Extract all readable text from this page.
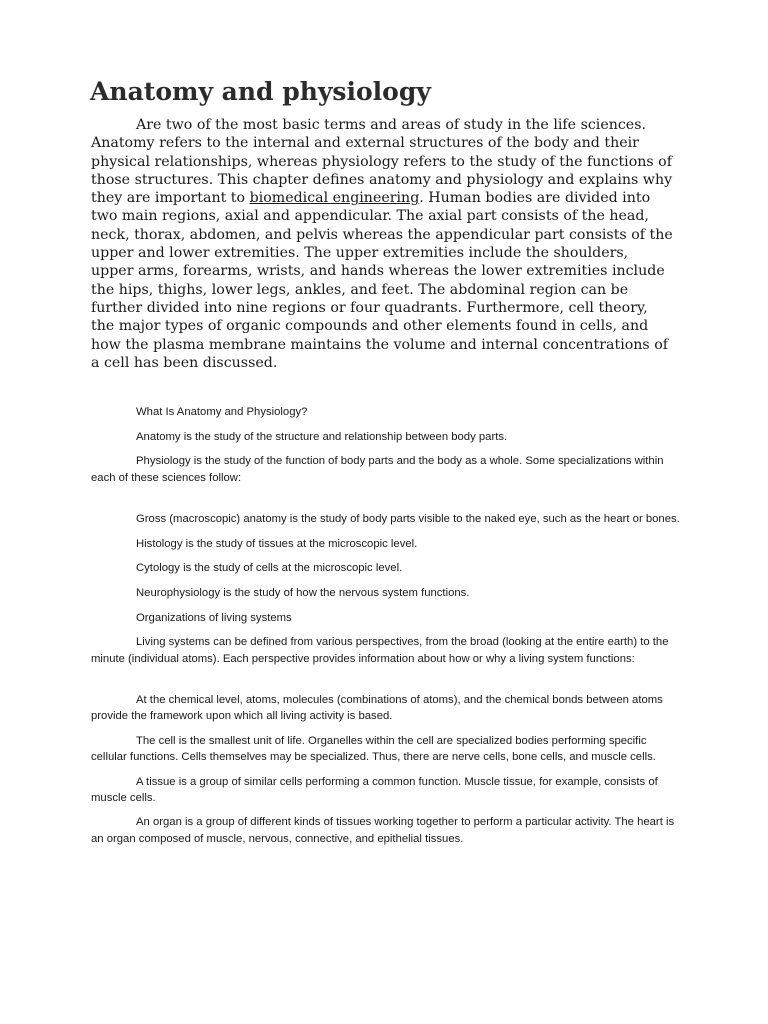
Anatomy and physiology

Are two of the most basic terms and areas of study in the life sciences. Anatomy refers to the internal and external structures of the body and their physical relationships, whereas physiology refers to the study of the functions of those structures. This chapter defines anatomy and physiology and explains why they are important to biomedical engineering. Human bodies are divided into two main regions, axial and appendicular. The axial part consists of the head, neck, thorax, abdomen, and pelvis whereas the appendicular part consists of the upper and lower extremities. The upper extremities include the shoulders, upper arms, forearms, wrists, and hands whereas the lower extremities include the hips, thighs, lower legs, ankles, and feet. The abdominal region can be further divided into nine regions or four quadrants. Furthermore, cell theory, the major types of organic compounds and other elements found in cells, and how the plasma membrane maintains the volume and internal concentrations of a cell has been discussed.

What Is Anatomy and Physiology?

Anatomy is the study of the structure and relationship between body parts.

Physiology is the study of the function of body parts and the body as a whole. Some specializations within each of these sciences follow:

Gross (macroscopic) anatomy is the study of body parts visible to the naked eye, such as the heart or bones.

Histology is the study of tissues at the microscopic level.

Cytology is the study of cells at the microscopic level.

Neurophysiology is the study of how the nervous system functions.

Organizations of living systems

Living systems can be defined from various perspectives, from the broad (looking at the entire earth) to the minute (individual atoms). Each perspective provides information about how or why a living system functions:

At the chemical level, atoms, molecules (combinations of atoms), and the chemical bonds between atoms provide the framework upon which all living activity is based.

The cell is the smallest unit of life. Organelles within the cell are specialized bodies performing specific cellular functions. Cells themselves may be specialized. Thus, there are nerve cells, bone cells, and muscle cells.

A tissue is a group of similar cells performing a common function. Muscle tissue, for example, consists of muscle cells.

An organ is a group of different kinds of tissues working together to perform a particular activity. The heart is an organ composed of muscle, nervous, connective, and epithelial tissues.
